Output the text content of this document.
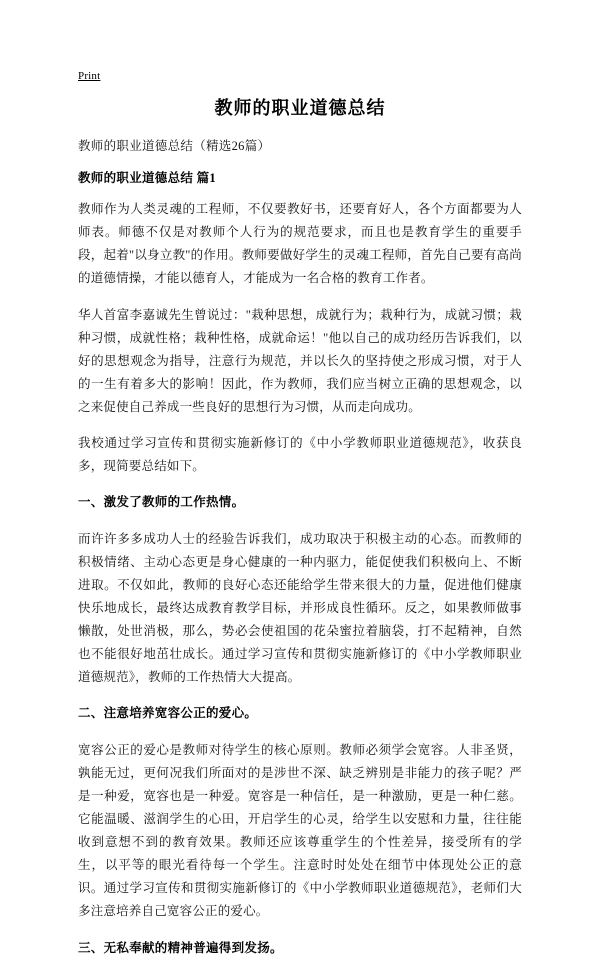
Print
教师的职业道德总结
教师的职业道德总结（精选26篇）
教师的职业道德总结 篇1

教师作为人类灵魂的工程师，不仅要教好书，还要育好人，各个方面都要为人师表。师德不仅是对教师个人行为的规范要求，而且也是教育学生的重要手段，起着"以身立教"的作用。教师要做好学生的灵魂工程师，首先自己要有高尚的道德情操，才能以德育人，才能成为一名合格的教育工作者。

华人首富李嘉诚先生曾说过："栽种思想，成就行为；栽种行为，成就习惯；栽种习惯，成就性格；栽种性格，成就命运！"他以自己的成功经历告诉我们，以好的思想观念为指导，注意行为规范，并以长久的坚持使之形成习惯，对于人的一生有着多大的影响！因此，作为教师，我们应当树立正确的思想观念，以之来促使自己养成一些良好的思想行为习惯，从而走向成功。

我校通过学习宣传和贯彻实施新修订的《中小学教师职业道德规范》，收获良多，现简要总结如下。

一、激发了教师的工作热情。

而许许多多成功人士的经验告诉我们，成功取决于积极主动的心态。而教师的积极情绪、主动心态更是身心健康的一种内驱力，能促使我们积极向上、不断进取。不仅如此，教师的良好心态还能给学生带来很大的力量，促进他们健康快乐地成长，最终达成教育教学目标，并形成良性循环。反之，如果教师做事懒散，处世消极，那么，势必会使祖国的花朵蜜拉着脑袋，打不起精神，自然也不能很好地茁壮成长。通过学习宣传和贯彻实施新修订的《中小学教师职业道德规范》，教师的工作热情大大提高。

二、注意培养宽容公正的爱心。

宽容公正的爱心是教师对待学生的核心原则。教师必须学会宽容。人非圣贤，孰能无过，更何况我们所面对的是涉世不深、缺乏辨别是非能力的孩子呢？严是一种爱，宽容也是一种爱。宽容是一种信任，是一种激励，更是一种仁慈。它能温暖、滋润学生的心田，开启学生的心灵，给学生以安慰和力量，往往能收到意想不到的教育效果。教师还应该尊重学生的个性差异，接受所有的学生，以平等的眼光看待每一个学生。注意时时处处在细节中体现处公正的意识。通过学习宣传和贯彻实施新修订的《中小学教师职业道德规范》，老师们大多注意培养自己宽容公正的爱心。

三、无私奉献的精神普遍得到发扬。
